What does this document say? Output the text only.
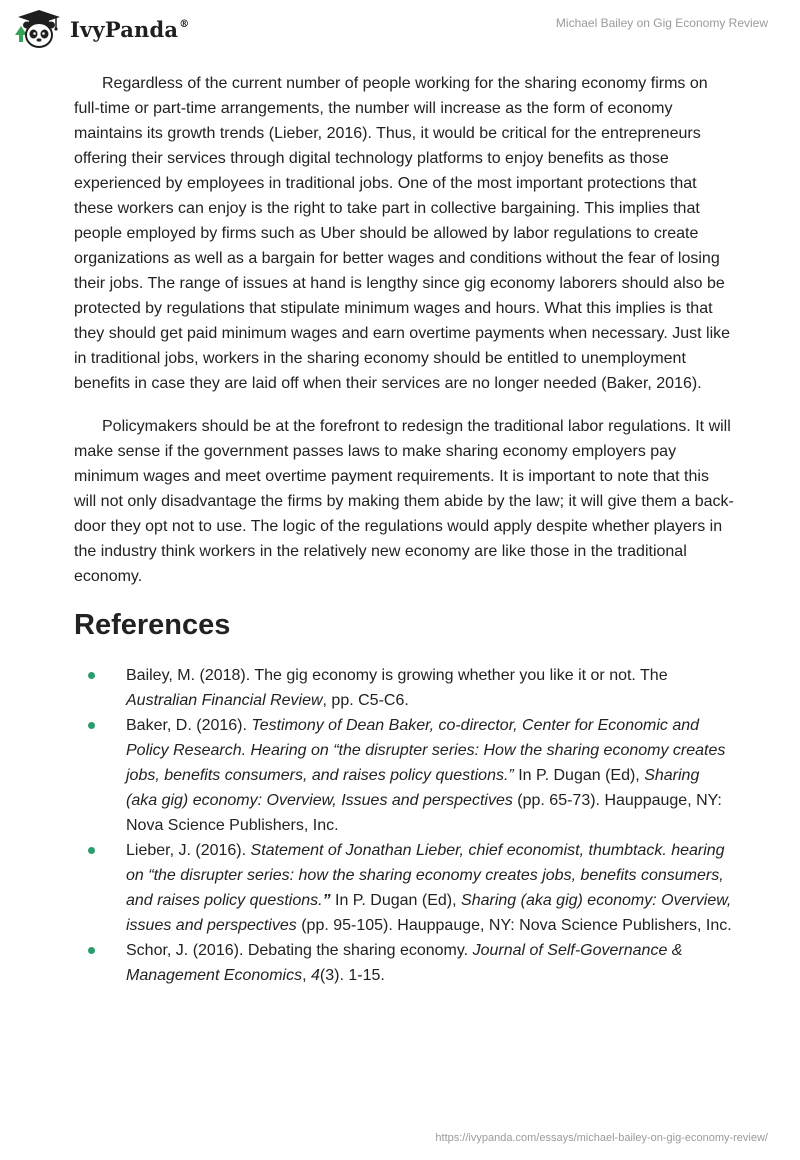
IvyPanda®	Michael Bailey on Gig Economy Review

Regardless of the current number of people working for the sharing economy firms on full-time or part-time arrangements, the number will increase as the form of economy maintains its growth trends (Lieber, 2016). Thus, it would be critical for the entrepreneurs offering their services through digital technology platforms to enjoy benefits as those experienced by employees in traditional jobs. One of the most important protections that these workers can enjoy is the right to take part in collective bargaining. This implies that people employed by firms such as Uber should be allowed by labor regulations to create organizations as well as a bargain for better wages and conditions without the fear of losing their jobs. The range of issues at hand is lengthy since gig economy laborers should also be protected by regulations that stipulate minimum wages and hours. What this implies is that they should get paid minimum wages and earn overtime payments when necessary. Just like in traditional jobs, workers in the sharing economy should be entitled to unemployment benefits in case they are laid off when their services are no longer needed (Baker, 2016).

Policymakers should be at the forefront to redesign the traditional labor regulations. It will make sense if the government passes laws to make sharing economy employers pay minimum wages and meet overtime payment requirements. It is important to note that this will not only disadvantage the firms by making them abide by the law; it will give them a back-door they opt not to use. The logic of the regulations would apply despite whether players in the industry think workers in the relatively new economy are like those in the traditional economy.

References
Bailey, M. (2018). The gig economy is growing whether you like it or not. The Australian Financial Review, pp. C5-C6.
Baker, D. (2016). Testimony of Dean Baker, co-director, Center for Economic and Policy Research. Hearing on “the disrupter series: How the sharing economy creates jobs, benefits consumers, and raises policy questions.” In P. Dugan (Ed), Sharing (aka gig) economy: Overview, Issues and perspectives (pp. 65-73). Hauppauge, NY: Nova Science Publishers, Inc.
Lieber, J. (2016). Statement of Jonathan Lieber, chief economist, thumbtack. hearing on “the disrupter series: how the sharing economy creates jobs, benefits consumers, and raises policy questions.” In P. Dugan (Ed), Sharing (aka gig) economy: Overview, issues and perspectives (pp. 95-105). Hauppauge, NY: Nova Science Publishers, Inc.
Schor, J. (2016). Debating the sharing economy. Journal of Self-Governance & Management Economics, 4(3). 1-15.
https://ivypanda.com/essays/michael-bailey-on-gig-economy-review/
